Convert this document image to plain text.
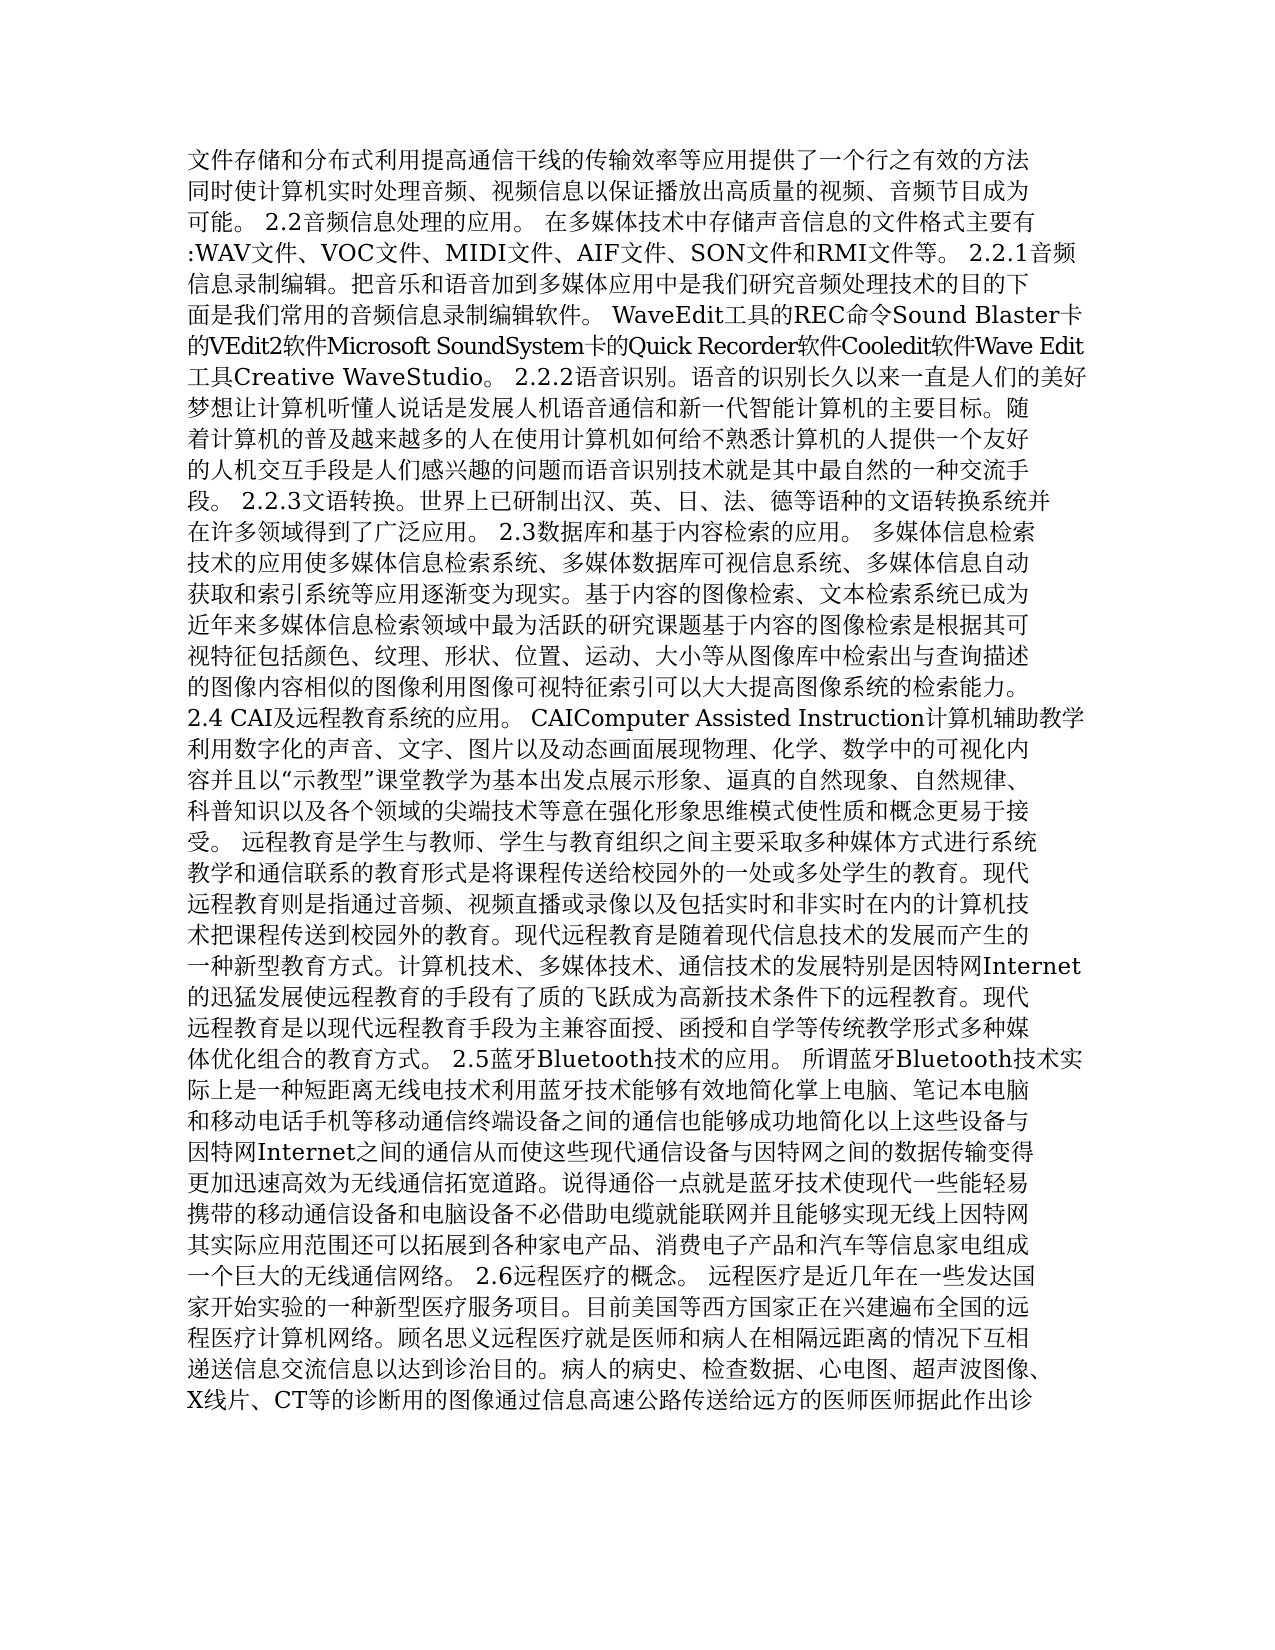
文件存储和分布式利用提高通信干线的传输效率等应用提供了一个行之有效的方法
同时使计算机实时处理音频、视频信息以保证播放出高质量的视频、音频节目成为
可能。 2.2音频信息处理的应用。 在多媒体技术中存储声音信息的文件格式主要有
:WAV文件、VOC文件、MIDI文件、AIF文件、SON文件和RMI文件等。 2.2.1音频
信息录制编辑。把音乐和语音加到多媒体应用中是我们研究音频处理技术的目的下
面是我们常用的音频信息录制编辑软件。 WaveEdit工具的REC命令Sound Blaster卡
的VEdit2软件Microsoft SoundSystem卡的Quick Recorder软件Cooledit软件Wave Edit
工具Creative WaveStudio。 2.2.2语音识别。语音的识别长久以来一直是人们的美好
梦想让计算机听懂人说话是发展人机语音通信和新一代智能计算机的主要目标。随
着计算机的普及越来越多的人在使用计算机如何给不熟悉计算机的人提供一个友好
的人机交互手段是人们感兴趣的问题而语音识别技术就是其中最自然的一种交流手
段。 2.2.3文语转换。世界上已研制出汉、英、日、法、德等语种的文语转换系统并
在许多领域得到了广泛应用。 2.3数据库和基于内容检索的应用。 多媒体信息检索
技术的应用使多媒体信息检索系统、多媒体数据库可视信息系统、多媒体信息自动
获取和索引系统等应用逐渐变为现实。基于内容的图像检索、文本检索系统已成为
近年来多媒体信息检索领域中最为活跃的研究课题基于内容的图像检索是根据其可
视特征包括颜色、纹理、形状、位置、运动、大小等从图像库中检索出与查询描述
的图像内容相似的图像利用图像可视特征索引可以大大提高图像系统的检索能力。
2.4 CAI及远程教育系统的应用。 CAIComputer Assisted Instruction计算机辅助教学
利用数字化的声音、文字、图片以及动态画面展现物理、化学、数学中的可视化内
容并且以“示教型”课堂教学为基本出发点展示形象、逼真的自然现象、自然规律、
科普知识以及各个领域的尖端技术等意在强化形象思维模式使性质和概念更易于接
受。 远程教育是学生与教师、学生与教育组织之间主要采取多种媒体方式进行系统
教学和通信联系的教育形式是将课程传送给校园外的一处或多处学生的教育。现代
远程教育则是指通过音频、视频直播或录像以及包括实时和非实时在内的计算机技
术把课程传送到校园外的教育。现代远程教育是随着现代信息技术的发展而产生的
一种新型教育方式。计算机技术、多媒体技术、通信技术的发展特别是因特网Internet
的迅猛发展使远程教育的手段有了质的飞跃成为高新技术条件下的远程教育。现代
远程教育是以现代远程教育手段为主兼容面授、函授和自学等传统教学形式多种媒
体优化组合的教育方式。 2.5蓝牙Bluetooth技术的应用。 所谓蓝牙Bluetooth技术实
际上是一种短距离无线电技术利用蓝牙技术能够有效地简化掌上电脑、笔记本电脑
和移动电话手机等移动通信终端设备之间的通信也能够成功地简化以上这些设备与
因特网Internet之间的通信从而使这些现代通信设备与因特网之间的数据传输变得
更加迅速高效为无线通信拓宽道路。说得通俗一点就是蓝牙技术使现代一些能轻易
携带的移动通信设备和电脑设备不必借助电缆就能联网并且能够实现无线上因特网
其实际应用范围还可以拓展到各种家电产品、消费电子产品和汽车等信息家电组成
一个巨大的无线通信网络。 2.6远程医疗的概念。 远程医疗是近几年在一些发达国
家开始实验的一种新型医疗服务项目。目前美国等西方国家正在兴建遍布全国的远
程医疗计算机网络。顾名思义远程医疗就是医师和病人在相隔远距离的情况下互相
递送信息交流信息以达到诊治目的。病人的病史、检查数据、心电图、超声波图像、
X线片、CT等的诊断用的图像通过信息高速公路传送给远方的医师医师据此作出诊
